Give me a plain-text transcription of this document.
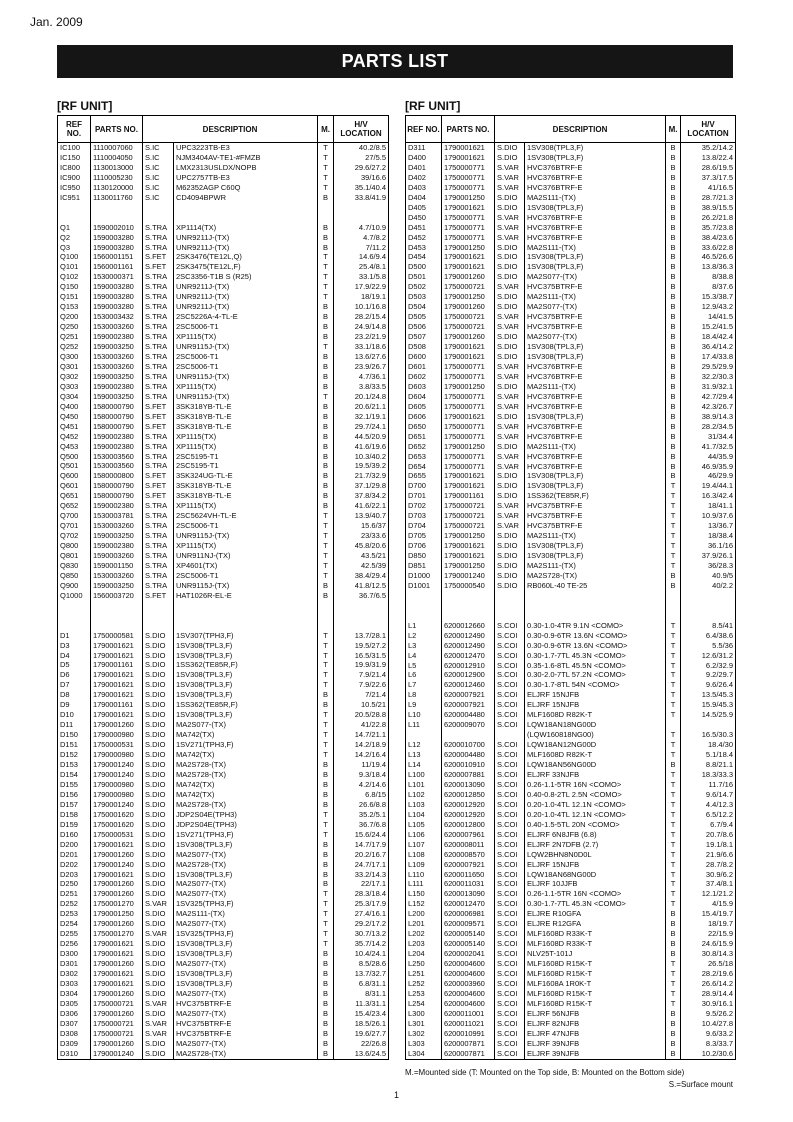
Jan. 2009
PARTS LIST
[RF UNIT]	[RF UNIT]
REF NO.	PARTS NO.	DESCRIPTION		M.	H/V LOCATION
IC100	1110007060	S.IC	UPC3223TB-E3	T	40.2/8.5
IC150	1110004050	S.IC	NJM3404AV-TE1-#FMZB	T	27/5.5
IC800	1130013000	S.IC	LMX2313USLDX/NOPB	T	29.6/27.2
IC900	1110005230	S.IC	UPC2757TB-E3	T	39/16.6
IC950	1130120000	S.IC	M62352AGP C60Q	T	35.1/40.4
IC951	1130011760	S.IC	CD4094BPWR	B	33.8/41.9

Q1	1590002010	S.TRA	XP1114(TX)	B	4.7/10.9
Q2	1590003280	S.TRA	UNR9211J-(TX)	B	4.7/8.2
Q3	1590003280	S.TRA	UNR9211J-(TX)	B	7/11.2
Q100	1560001151	S.FET	2SK3476(TE12L,Q)	T	14.6/9.4
Q101	1560001161	S.FET	2SK3475(TE12L,F)	T	25.4/8.1
Q102	1530000371	S.TRA	2SC3356-T1B S (R25)	T	33.1/5.8
Q150	1590003280	S.TRA	UNR9211J-(TX)	T	17.9/22.9
Q151	1590003280	S.TRA	UNR9211J-(TX)	T	18/19.1
Q153	1590003280	S.TRA	UNR9211J-(TX)	B	10.1/16.8
Q200	1530003432	S.TRA	2SC5226A-4-TL-E	B	28.2/15.4
Q250	1530003260	S.TRA	2SC5006-T1	B	24.9/14.8
Q251	1590002380	S.TRA	XP1115(TX)	B	23.2/21.9
Q252	1590003250	S.TRA	UNR9115J-(TX)	T	33.1/18.6
Q300	1530003260	S.TRA	2SC5006-T1	B	13.6/27.6
Q301	1530003260	S.TRA	2SC5006-T1	B	23.9/26.7
Q302	1590003250	S.TRA	UNR9115J-(TX)	B	4.7/36.1
Q303	1590002380	S.TRA	XP1115(TX)	B	3.8/33.5
Q304	1590003250	S.TRA	UNR9115J-(TX)	T	20.1/24.8
Q400	1580000790	S.FET	3SK318YB-TL-E	B	20.6/21.1
Q450	1580000790	S.FET	3SK318YB-TL-E	B	32.1/19.1
Q451	1580000790	S.FET	3SK318YB-TL-E	B	29.7/24.1
Q452	1590002380	S.TRA	XP1115(TX)	B	44.5/20.9
Q453	1590002380	S.TRA	XP1115(TX)	B	41.6/19.6
Q500	1530003560	S.TRA	2SC5195-T1	B	10.3/40.2
Q501	1530003560	S.TRA	2SC5195-T1	B	19.5/39.2
Q600	1580000800	S.FET	3SK324UG-TL-E	B	21.7/32.9
Q601	1580000790	S.FET	3SK318YB-TL-E	B	37.1/29.8
Q651	1580000790	S.FET	3SK318YB-TL-E	B	37.8/34.2
Q652	1590002380	S.TRA	XP1115(TX)	B	41.6/22.1
Q700	1530003781	S.TRA	2SC5624VH-TL-E	T	13.9/40.7
Q701	1530003260	S.TRA	2SC5006-T1	T	15.6/37
Q702	1590003250	S.TRA	UNR9115J-(TX)	T	23/33.6
Q800	1590002380	S.TRA	XP1115(TX)	T	45.8/20.6
Q801	1590003260	S.TRA	UNR911NJ-(TX)	T	43.5/21
Q830	1590001150	S.TRA	XP4601(TX)	T	42.5/39
Q850	1530003260	S.TRA	2SC5006-T1	T	38.4/29.4
Q900	1590003250	S.TRA	UNR9115J-(TX)	B	41.8/12.5
Q1000	1560003720	S.FET	HAT1026R-EL-E	B	36.7/6.5

D1	1750000581	S.DIO	1SV307(TPH3,F)	T	13.7/28.1
D3	1790001621	S.DIO	1SV308(TPL3,F)	T	19.5/27.2
D4	1790001621	S.DIO	1SV308(TPL3,F)	T	16.5/31.5
D5	1790001161	S.DIO	1SS362(TE85R,F)	T	19.9/31.9
D6	1790001621	S.DIO	1SV308(TPL3,F)	T	7.9/21.4
D7	1790001621	S.DIO	1SV308(TPL3,F)	T	7.9/22.6
D8	1790001621	S.DIO	1SV308(TPL3,F)	B	7/21.4
D9	1790001161	S.DIO	1SS362(TE85R,F)	B	10.5/21
D10	1790001621	S.DIO	1SV308(TPL3,F)	T	20.5/28.8
D11	1790001260	S.DIO	MA2S077-(TX)	T	41/22.8
D150	1790000980	S.DIO	MA742(TX)	T	14.7/21.1
D151	1750000531	S.DIO	1SV271(TPH3,F)	T	14.2/18.9
D152	1790000980	S.DIO	MA742(TX)	T	14.2/16.4
D153	1790001240	S.DIO	MA2S728-(TX)	B	11/19.4
D154	1790001240	S.DIO	MA2S728-(TX)	B	9.3/18.4
D155	1790000980	S.DIO	MA742(TX)	B	4.2/14.6
D156	1790000980	S.DIO	MA742(TX)	B	6.8/15
D157	1790001240	S.DIO	MA2S728-(TX)	B	26.6/8.8
D158	1750001620	S.DIO	JDP2S04E(TPH3)	T	35.2/5.1
D159	1750001620	S.DIO	JDP2S04E(TPH3)	T	36.7/6.8
D160	1750000531	S.DIO	1SV271(TPH3,F)	T	15.6/24.4
D200	1790001621	S.DIO	1SV308(TPL3,F)	B	14.7/17.9
D201	1790001260	S.DIO	MA2S077-(TX)	B	20.2/16.7
D202	1790001240	S.DIO	MA2S728-(TX)	B	24.7/17.1
D203	1790001621	S.DIO	1SV308(TPL3,F)	B	33.2/14.3
D250	1790001260	S.DIO	MA2S077-(TX)	B	22/17.1
D251	1790001260	S.DIO	MA2S077-(TX)	T	28.3/18.4
D252	1750001270	S.VAR	1SV325(TPH3,F)	T	25.3/17.9
D253	1790001250	S.DIO	MA2S111-(TX)	T	27.4/16.1
D254	1790001260	S.DIO	MA2S077-(TX)	T	29.2/17.2
D255	1750001270	S.VAR	1SV325(TPH3,F)	T	30.7/13.2
D256	1790001621	S.DIO	1SV308(TPL3,F)	T	35.7/14.2
D300	1790001621	S.DIO	1SV308(TPL3,F)	B	10.4/24.1
D301	1790001260	S.DIO	MA2S077-(TX)	B	8.5/28.6
D302	1790001621	S.DIO	1SV308(TPL3,F)	B	13.7/32.7
D303	1790001621	S.DIO	1SV308(TPL3,F)	B	6.8/31.1
D304	1790001260	S.DIO	MA2S077-(TX)	B	8/31.1
D305	1750000721	S.VAR	HVC375BTRF-E	B	11.3/31.1
D306	1790001260	S.DIO	MA2S077-(TX)	B	15.4/23.4
D307	1750000721	S.VAR	HVC375BTRF-E	B	18.5/26.1
D308	1750000721	S.VAR	HVC375BTRF-E	B	19.6/27.7
D309	1790001260	S.DIO	MA2S077-(TX)	B	22/26.8
D310	1790001240	S.DIO	MA2S728-(TX)	B	13.6/24.5
REF NO.	PARTS NO.	DESCRIPTION		M.	H/V LOCATION
D311	1790001621	S.DIO	1SV308(TPL3,F)	B	35.2/14.2
D400	1790001621	S.DIO	1SV308(TPL3,F)	B	13.8/22.4
D401	1750000771	S.VAR	HVC376BTRF-E	B	28.6/19.5
D402	1750000771	S.VAR	HVC376BTRF-E	B	37.3/17.5
D403	1750000771	S.VAR	HVC376BTRF-E	B	41/16.5
D404	1790001250	S.DIO	MA2S111-(TX)	B	28.7/21.3
D405	1790001621	S.DIO	1SV308(TPL3,F)	B	38.9/15.5
D450	1750000771	S.VAR	HVC376BTRF-E	B	26.2/21.8
D451	1750000771	S.VAR	HVC376BTRF-E	B	35.7/23.8
D452	1750000771	S.VAR	HVC376BTRF-E	B	38.4/23.6
D453	1790001250	S.DIO	MA2S111-(TX)	B	33.6/22.8
D454	1790001621	S.DIO	1SV308(TPL3,F)	B	46.5/26.6
D500	1790001621	S.DIO	1SV308(TPL3,F)	B	13.8/36.3
D501	1790001260	S.DIO	MA2S077-(TX)	B	8/38.8
D502	1750000721	S.VAR	HVC375BTRF-E	B	8/37.6
D503	1790001250	S.DIO	MA2S111-(TX)	B	15.3/38.7
D504	1790001260	S.DIO	MA2S077-(TX)	B	12.9/43.2
D505	1750000721	S.VAR	HVC375BTRF-E	B	14/41.5
D506	1750000721	S.VAR	HVC375BTRF-E	B	15.2/41.5
D507	1790001260	S.DIO	MA2S077-(TX)	B	18.4/42.4
D508	1790001621	S.DIO	1SV308(TPL3,F)	B	36.4/14.2
D600	1790001621	S.DIO	1SV308(TPL3,F)	B	17.4/33.8
D601	1750000771	S.VAR	HVC376BTRF-E	B	29.5/29.9
D602	1750000771	S.VAR	HVC376BTRF-E	B	32.2/30.3
D603	1790001250	S.DIO	MA2S111-(TX)	B	31.9/32.1
D604	1750000771	S.VAR	HVC376BTRF-E	B	42.7/29.4
D605	1750000771	S.VAR	HVC376BTRF-E	B	42.3/26.7
D606	1790001621	S.DIO	1SV308(TPL3,F)	B	38.9/14.3
D650	1750000771	S.VAR	HVC376BTRF-E	B	28.2/34.5
D651	1750000771	S.VAR	HVC376BTRF-E	B	31/34.4
D652	1790001250	S.DIO	MA2S111-(TX)	B	41.7/32.5
D653	1750000771	S.VAR	HVC376BTRF-E	B	44/35.9
D654	1750000771	S.VAR	HVC376BTRF-E	B	46.9/35.9
D655	1790001621	S.DIO	1SV308(TPL3,F)	B	46/29.9
D700	1790001621	S.DIO	1SV308(TPL3,F)	T	19.4/44.1
D701	1790001161	S.DIO	1SS362(TE85R,F)	T	16.3/42.4
D702	1750000721	S.VAR	HVC375BTRF-E	T	18/41.1
D703	1750000721	S.VAR	HVC375BTRF-E	T	10.9/37.6
D704	1750000721	S.VAR	HVC375BTRF-E	T	13/36.7
D705	1790001250	S.DIO	MA2S111-(TX)	T	18/38.4
D706	1790001621	S.DIO	1SV308(TPL3,F)	T	36.1/16
D850	1790001621	S.DIO	1SV308(TPL3,F)	T	37.9/26.1
D851	1790001250	S.DIO	MA2S111-(TX)	T	36/28.3
D1000	1790001240	S.DIO	MA2S728-(TX)	B	40.9/5
D1001	1750000540	S.DIO	RB060L-40 TE-25	B	40/2.2

L1	6200012660	S.COI	0.30-1.0-4TR 9.1N <COMO>	T	8.5/41
L2	6200012490	S.COI	0.30-0.9-6TR 13.6N <COMO>	T	6.4/38.6
L3	6200012490	S.COI	0.30-0.9-6TR 13.6N <COMO>	T	5.5/36
L4	6200012470	S.COI	0.30-1.7-7TL 45.3N <COMO>	T	12.6/31.2
L5	6200012910	S.COI	0.35-1.6-8TL 45.5N <COMO>	T	6.2/32.9
L6	6200012900	S.COI	0.30-2.0-7TL 57.2N <COMO>	T	9.2/29.7
L7	6200012460	S.COI	0.30-1.7-8TL 54N <COMO>	T	9.6/26.4
L8	6200007921	S.COI	ELJRF 15NJFB	T	13.5/45.3
L9	6200007921	S.COI	ELJRF 15NJFB	T	15.9/45.3
L10	6200004480	S.COI	MLF1608D R82K-T	T	14.5/25.9
L11	6200009070	S.COI	LQW18AN18NG00D		
			(LQW160818NG00)	T	16.5/30.3
L12	6200010700	S.COI	LQW18AN12NG00D	T	18.4/30
L13	6200004480	S.COI	MLF1608D R82K-T	T	5.1/18.4
L14	6200010910	S.COI	LQW18AN56NG00D	B	8.8/21.1
L100	6200007881	S.COI	ELJRF 33NJFB	T	18.3/33.3
L101	6200013090	S.COI	0.26-1.1-5TR 16N <COMO>	T	11.7/16
L102	6200012850	S.COI	0.40-0.8-2TL 2.5N <COMO>	T	9.6/14.7
L103	6200012920	S.COI	0.20-1.0-4TL 12.1N <COMO>	T	4.4/12.3
L104	6200012920	S.COI	0.20-1.0-4TL 12.1N <COMO>	T	6.5/12.2
L105	6200012800	S.COI	0.40-1.5-5TL 20N <COMO>	T	6.7/9.4
L106	6200007961	S.COI	ELJRF 6N8JFB (6.8)	T	20.7/8.6
L107	6200008011	S.COI	ELJRF 2N7DFB (2.7)	T	19.1/8.1
L108	6200008570	S.COI	LQW2BHN8N0D0L	T	21.9/6.6
L109	6200007921	S.COI	ELJRF 15NJFB	T	28.7/8.2
L110	6200011650	S.COI	LQW18AN68NG00D	T	30.9/6.2
L111	6200011031	S.COI	ELJRF 10JJFB	T	37.4/8.1
L150	6200013090	S.COI	0.26-1.1-5TR 16N <COMO>	T	12.1/21.2
L152	6200012470	S.COI	0.30-1.7-7TL 45.3N <COMO>	T	4/15.9
L200	6200006981	S.COI	ELJRE R10GFA	B	15.4/19.7
L201	6200009571	S.COI	ELJRE R12GFA	B	18/19.7
L202	6200005140	S.COI	MLF1608D R33K-T	B	22/15.9
L203	6200005140	S.COI	MLF1608D R33K-T	B	24.6/15.9
L204	6200002041	S.COI	NLV25T-101J	B	30.8/14.3
L250	6200004600	S.COI	MLF1608D R15K-T	T	26.5/18
L251	6200004600	S.COI	MLF1608D R15K-T	T	28.2/19.6
L252	6200003960	S.COI	MLF1608A 1R0K-T	T	26.6/14.2
L253	6200004600	S.COI	MLF1608D R15K-T	T	28.9/14.4
L254	6200004600	S.COI	MLF1608D R15K-T	T	30.9/16.1
L300	6200011001	S.COI	ELJRF 56NJFB	B	9.5/26.2
L301	6200011021	S.COI	ELJRF 82NJFB	B	10.4/27.8
L302	6200010991	S.COI	ELJRF 47NJFB	B	9.6/33.2
L303	6200007871	S.COI	ELJRF 39NJFB	B	8.3/33.7
L304	6200007871	S.COI	ELJRF 39NJFB	B	10.2/30.6
M.=Mounted side (T: Mounted on the Top side, B: Mounted on the Bottom side)
S.=Surface mount
1
